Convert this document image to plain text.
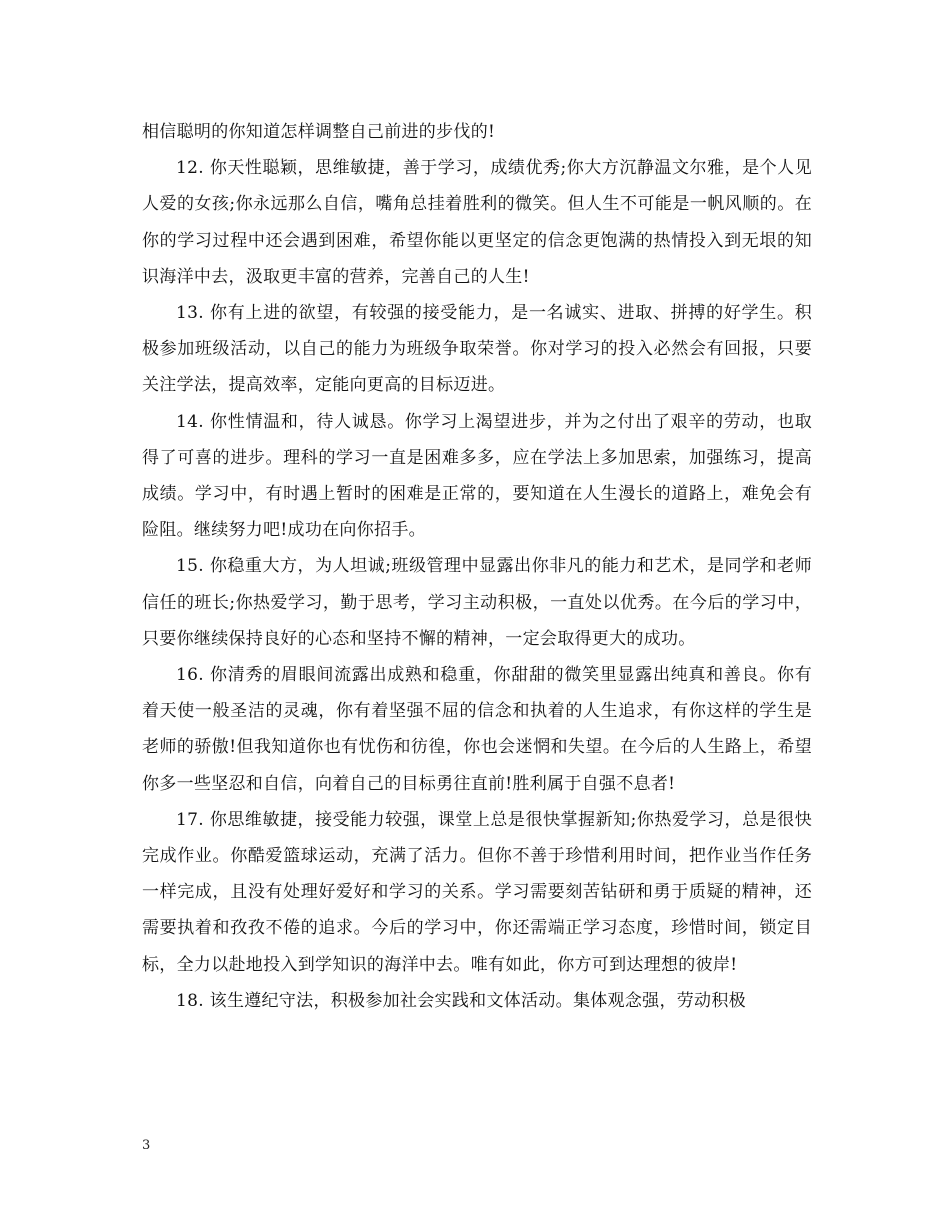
相信聪明的你知道怎样调整自己前进的步伐的!

12. 你天性聪颖，思维敏捷，善于学习，成绩优秀;你大方沉静温文尔雅，是个人见人爱的女孩;你永远那么自信，嘴角总挂着胜利的微笑。但人生不可能是一帆风顺的。在你的学习过程中还会遇到困难，希望你能以更坚定的信念更饱满的热情投入到无垠的知识海洋中去，汲取更丰富的营养，完善自己的人生!

13. 你有上进的欲望，有较强的接受能力，是一名诚实、进取、拼搏的好学生。积极参加班级活动，以自己的能力为班级争取荣誉。你对学习的投入必然会有回报，只要关注学法，提高效率，定能向更高的目标迈进。

14. 你性情温和，待人诚恳。你学习上渴望进步，并为之付出了艰辛的劳动，也取得了可喜的进步。理科的学习一直是困难多多，应在学法上多加思索，加强练习，提高成绩。学习中，有时遇上暂时的困难是正常的，要知道在人生漫长的道路上，难免会有险阻。继续努力吧!成功在向你招手。

15. 你稳重大方，为人坦诚;班级管理中显露出你非凡的能力和艺术，是同学和老师信任的班长;你热爱学习，勤于思考，学习主动积极，一直处以优秀。在今后的学习中，只要你继续保持良好的心态和坚持不懈的精神，一定会取得更大的成功。

16. 你清秀的眉眼间流露出成熟和稳重，你甜甜的微笑里显露出纯真和善良。你有着天使一般圣洁的灵魂，你有着坚强不屈的信念和执着的人生追求，有你这样的学生是老师的骄傲!但我知道你也有忧伤和彷徨，你也会迷惘和失望。在今后的人生路上，希望你多一些坚忍和自信，向着自己的目标勇往直前!胜利属于自强不息者!

17. 你思维敏捷，接受能力较强，课堂上总是很快掌握新知;你热爱学习，总是很快完成作业。你酷爱篮球运动，充满了活力。但你不善于珍惜利用时间，把作业当作任务一样完成，且没有处理好爱好和学习的关系。学习需要刻苦钻研和勇于质疑的精神，还需要执着和孜孜不倦的追求。今后的学习中，你还需端正学习态度，珍惜时间，锁定目标，全力以赴地投入到学知识的海洋中去。唯有如此，你方可到达理想的彼岸!

18. 该生遵纪守法，积极参加社会实践和文体活动。集体观念强，劳动积极

3
